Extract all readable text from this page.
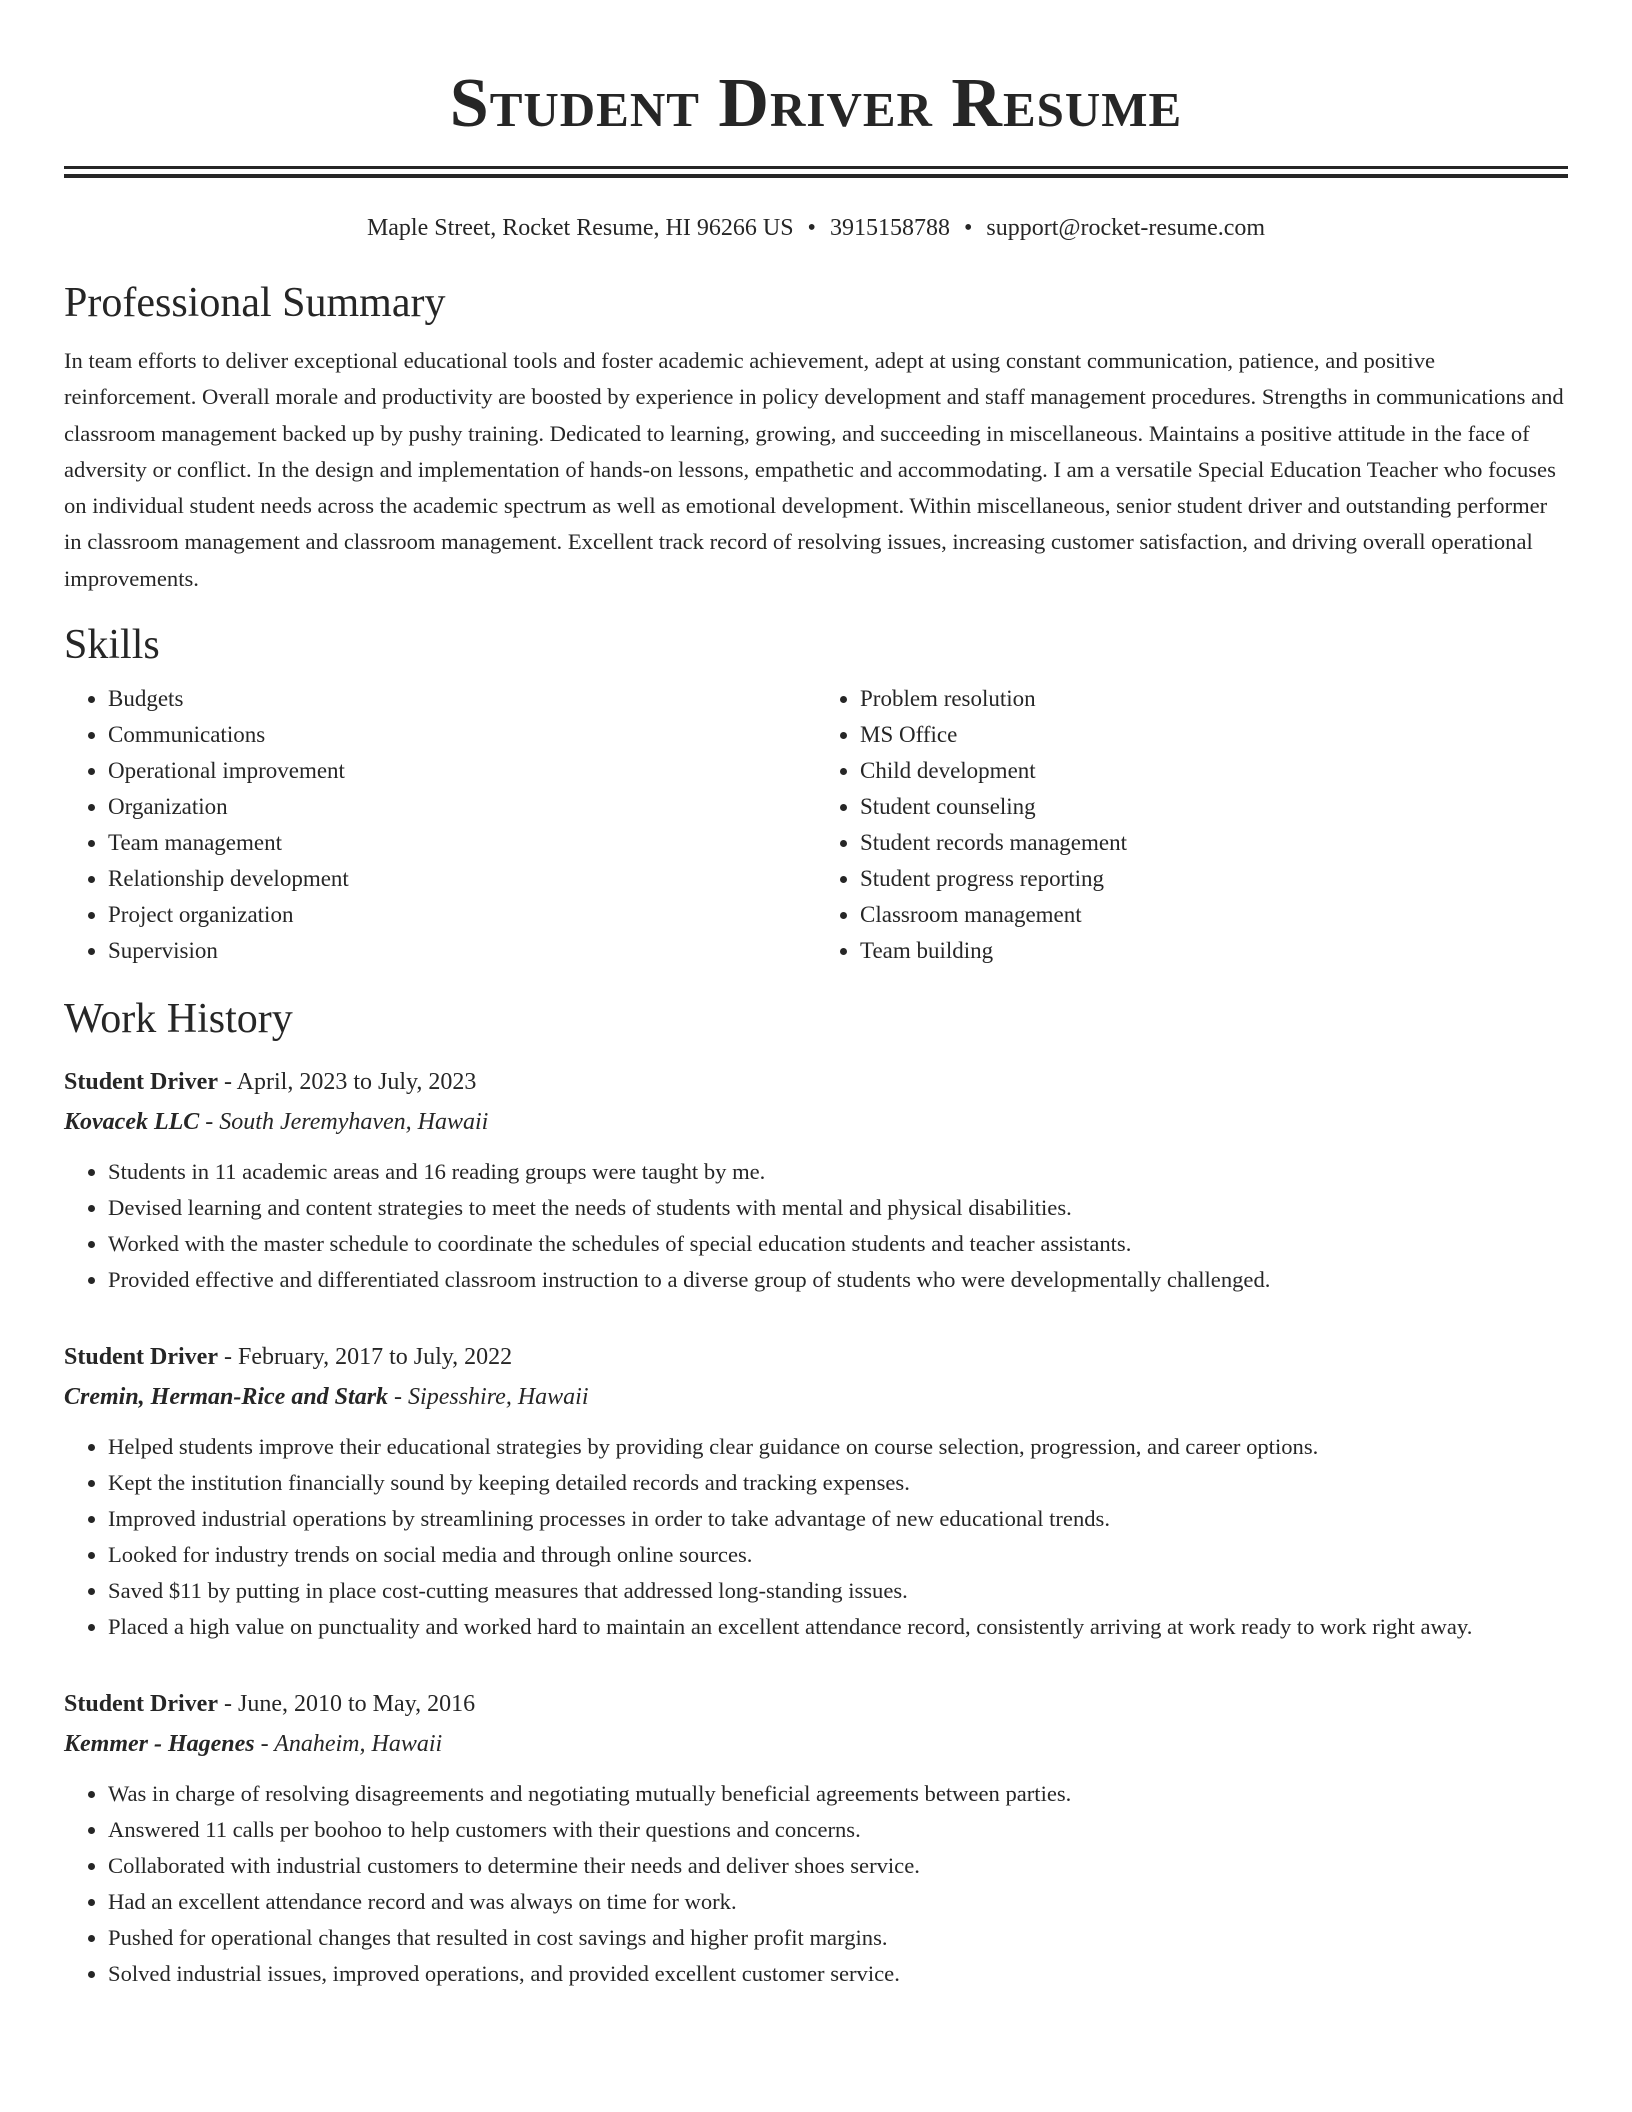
Student Driver Resume
Maple Street, Rocket Resume, HI 96266 US • 3915158788 • support@rocket-resume.com
Professional Summary
In team efforts to deliver exceptional educational tools and foster academic achievement, adept at using constant communication, patience, and positive reinforcement. Overall morale and productivity are boosted by experience in policy development and staff management procedures. Strengths in communications and classroom management backed up by pushy training. Dedicated to learning, growing, and succeeding in miscellaneous. Maintains a positive attitude in the face of adversity or conflict. In the design and implementation of hands-on lessons, empathetic and accommodating. I am a versatile Special Education Teacher who focuses on individual student needs across the academic spectrum as well as emotional development. Within miscellaneous, senior student driver and outstanding performer in classroom management and classroom management. Excellent track record of resolving issues, increasing customer satisfaction, and driving overall operational improvements.
Skills
• Budgets
• Communications
• Operational improvement
• Organization
• Team management
• Relationship development
• Project organization
• Supervision
• Problem resolution
• MS Office
• Child development
• Student counseling
• Student records management
• Student progress reporting
• Classroom management
• Team building
Work History
Student Driver - April, 2023 to July, 2023
Kovacek LLC - South Jeremyhaven, Hawaii
• Students in 11 academic areas and 16 reading groups were taught by me.
• Devised learning and content strategies to meet the needs of students with mental and physical disabilities.
• Worked with the master schedule to coordinate the schedules of special education students and teacher assistants.
• Provided effective and differentiated classroom instruction to a diverse group of students who were developmentally challenged.
Student Driver - February, 2017 to July, 2022
Cremin, Herman-Rice and Stark - Sipesshire, Hawaii
• Helped students improve their educational strategies by providing clear guidance on course selection, progression, and career options.
• Kept the institution financially sound by keeping detailed records and tracking expenses.
• Improved industrial operations by streamlining processes in order to take advantage of new educational trends.
• Looked for industry trends on social media and through online sources.
• Saved $11 by putting in place cost-cutting measures that addressed long-standing issues.
• Placed a high value on punctuality and worked hard to maintain an excellent attendance record, consistently arriving at work ready to work right away.
Student Driver - June, 2010 to May, 2016
Kemmer - Hagenes - Anaheim, Hawaii
• Was in charge of resolving disagreements and negotiating mutually beneficial agreements between parties.
• Answered 11 calls per boohoo to help customers with their questions and concerns.
• Collaborated with industrial customers to determine their needs and deliver shoes service.
• Had an excellent attendance record and was always on time for work.
• Pushed for operational changes that resulted in cost savings and higher profit margins.
• Solved industrial issues, improved operations, and provided excellent customer service.
